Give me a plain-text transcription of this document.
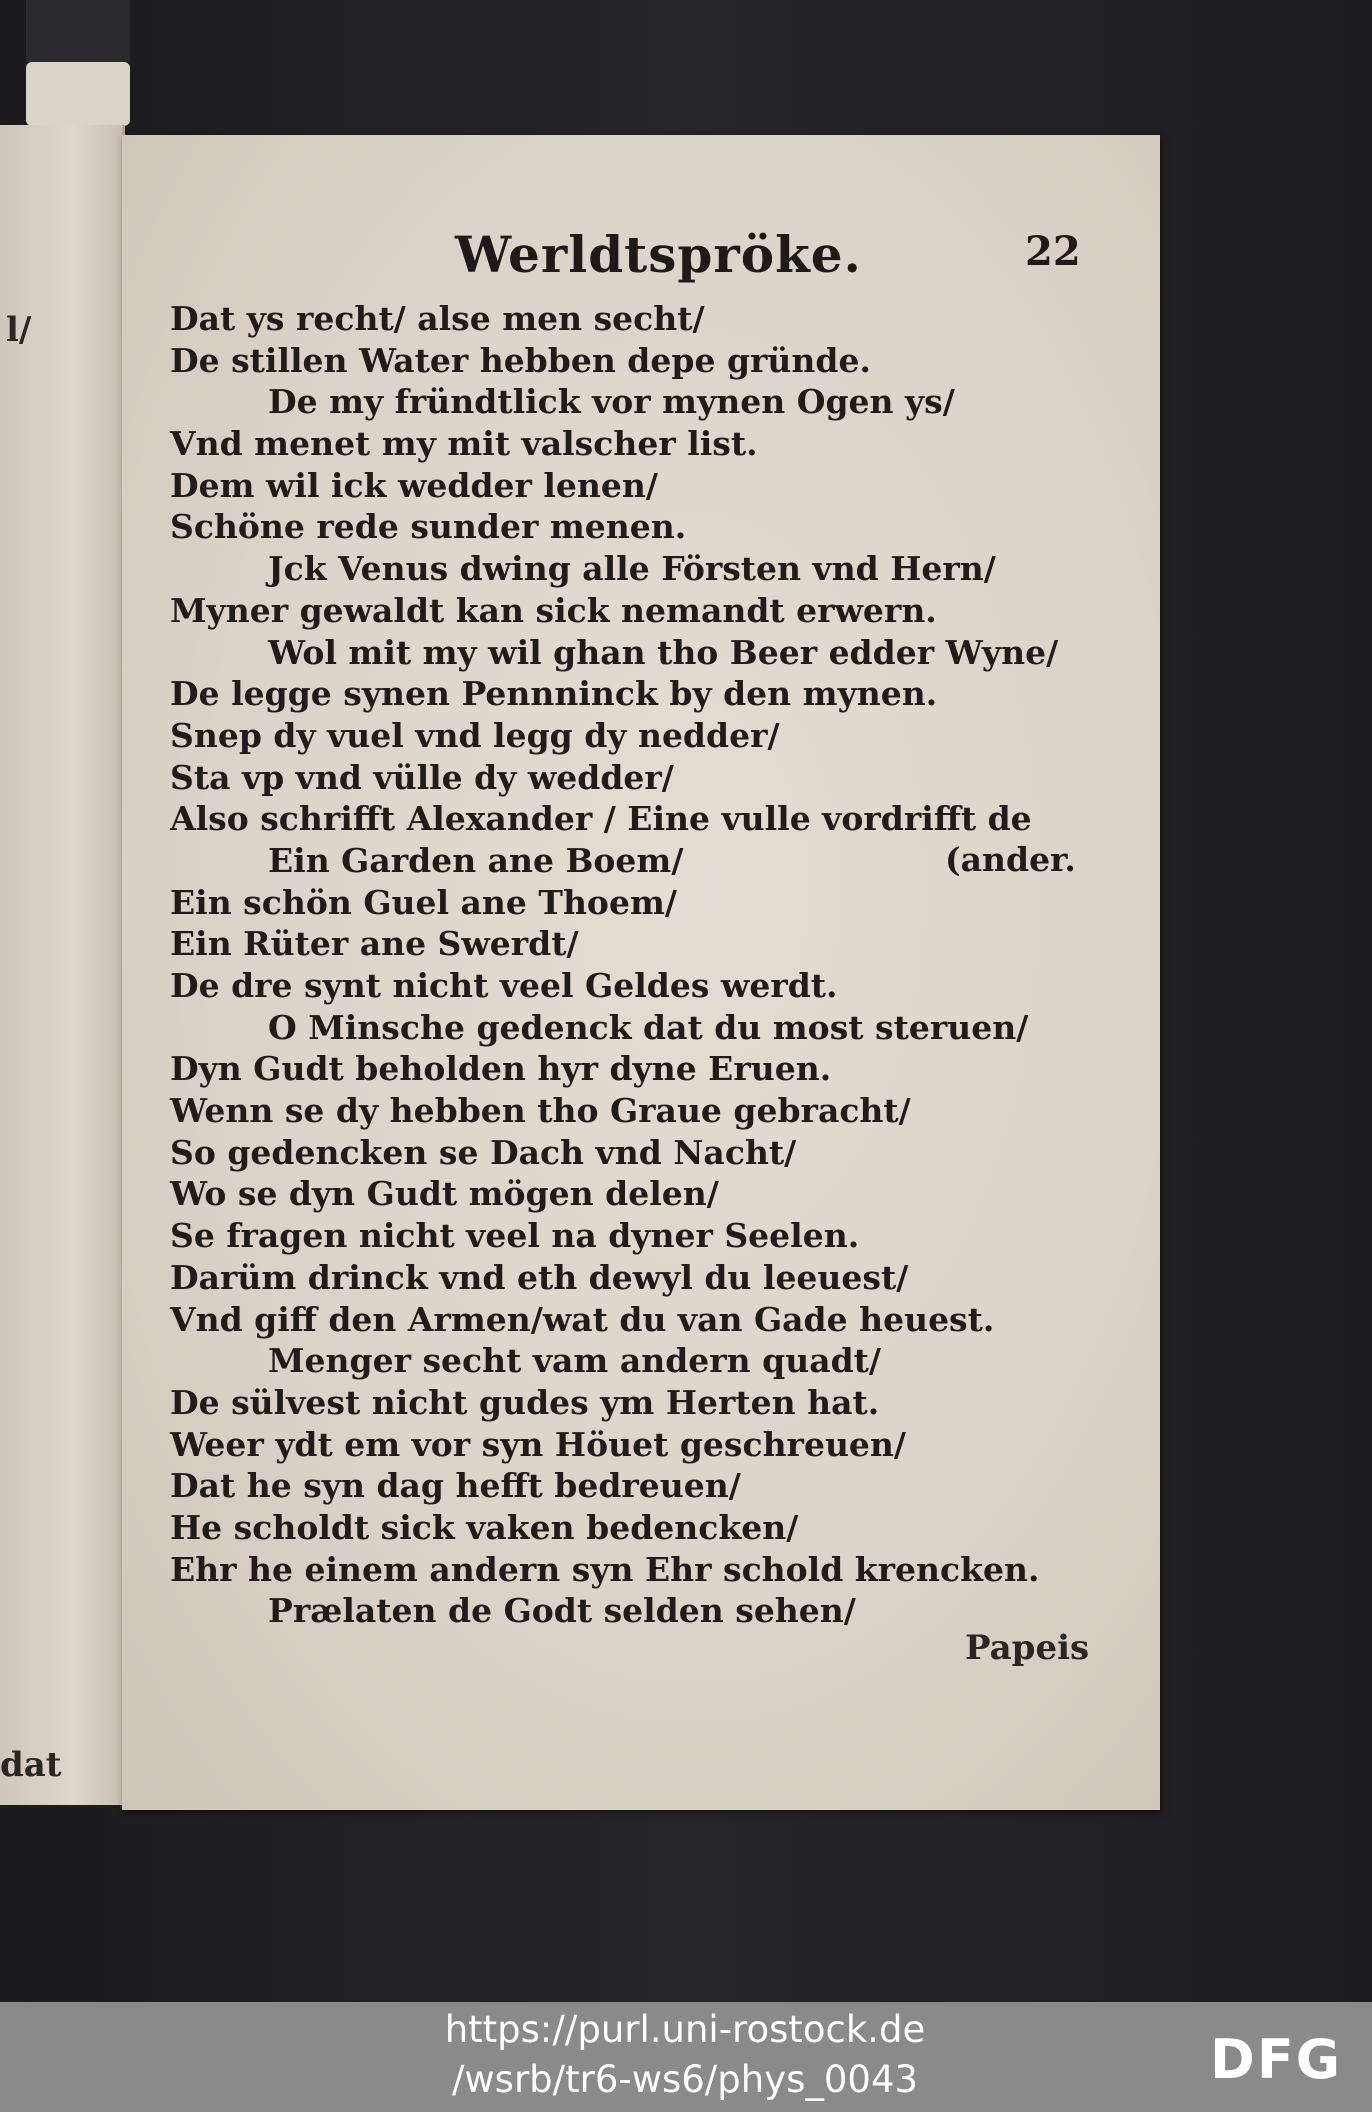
l/
dat
Werldtspröke.	22
Dat ys recht/ alse men secht/
De stillen Water hebben depe gründe.
De my fründtlick vor mynen Ogen ys/
Vnd menet my mit valscher list.
Dem wil ick wedder lenen/
Schöne rede sunder menen.
Jck Venus dwing alle Försten vnd Hern/
Myner gewaldt kan sick nemandt erwern.
Wol mit my wil ghan tho Beer edder Wyne/
De legge synen Pennninck by den mynen.
Snep dy vuel vnd legg dy nedder/
Sta vp vnd vülle dy wedder/
Also schrifft Alexander / Eine vulle vordrifft de
Ein Garden ane Boem/
Ein schön Guel ane Thoem/
Ein Rüter ane Swerdt/
De dre synt nicht veel Geldes werdt.
O Minsche gedenck dat du most steruen/
Dyn Gudt beholden hyr dyne Eruen.
Wenn se dy hebben tho Graue gebracht/
So gedencken se Dach vnd Nacht/
Wo se dyn Gudt mögen delen/
Se fragen nicht veel na dyner Seelen.
Darüm drinck vnd eth dewyl du leeuest/
Vnd giff den Armen/wat du van Gade heuest.
Menger secht vam andern quadt/
De sülvest nicht gudes ym Herten hat.
Weer ydt em vor syn Höuet geschreuen/
Dat he syn dag hefft bedreuen/
He scholdt sick vaken bedencken/
Ehr he einem andern syn Ehr schold krencken.
Prælaten de Godt selden sehen/
(ander.
Papeis
https://purl.uni-rostock.de
/wsrb/tr6-ws6/phys_0043	DFG
